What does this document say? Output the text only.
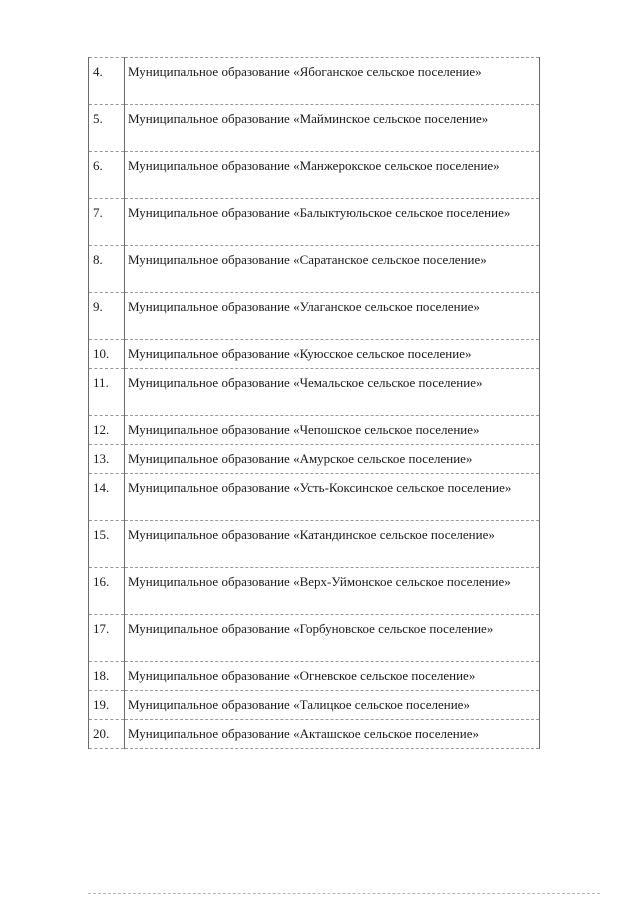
4.	Муниципальное образование «Ябоганское сельское поселение»
5.	Муниципальное образование «Майминское сельское поселение»
6.	Муниципальное образование «Манжерокское сельское поселение»
7.	Муниципальное образование «Балыктуюльское сельское поселение»
8.	Муниципальное образование «Саратанское сельское поселение»
9.	Муниципальное образование «Улаганское сельское поселение»
10.	Муниципальное образование «Куюсское сельское поселение»
11.	Муниципальное образование «Чемальское сельское поселение»
12.	Муниципальное образование «Чепошское сельское поселение»
13.	Муниципальное образование «Амурское сельское поселение»
14.	Муниципальное образование «Усть-Коксинское сельское поселение»
15.	Муниципальное образование «Катандинское сельское поселение»
16.	Муниципальное образование «Верх-Уймонское сельское поселение»
17.	Муниципальное образование «Горбуновское сельское поселение»
18.	Муниципальное образование «Огневское сельское поселение»
19.	Муниципальное образование «Талицкое сельское поселение»
20.	Муниципальное образование «Акташское сельское поселение»
